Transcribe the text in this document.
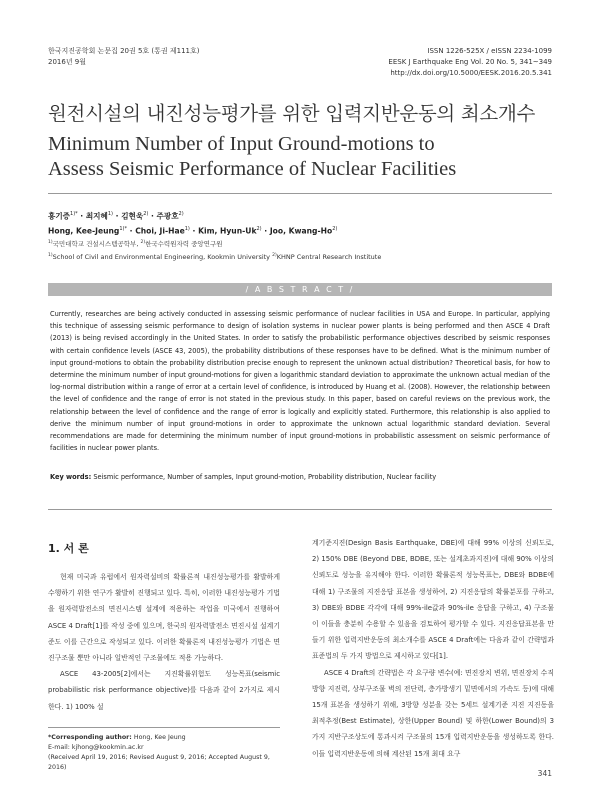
한국지진공학회 논문집 20권 5호 (통권 제111호)
2016년 9월
ISSN 1226-525X / eISSN 2234-1099
EESK J Earthquake Eng Vol. 20 No. 5, 341~349
http://dx.doi.org/10.5000/EESK.2016.20.5.341
원전시설의 내진성능평가를 위한 입력지반운동의 최소개수
Minimum Number of Input Ground-motions to Assess Seismic Performance of Nuclear Facilities
홍기증$^{1)*}$ · 최지혜$^{1)}$ · 김현욱$^{2)}$ · 주광호$^{2)}$
Hong, Kee-Jeung$^{1)*}$ · Choi, Ji-Hae$^{1)}$ · Kim, Hyun-$Uk^{2)}$ · Joo, Kwang-Ho$^{2)}$
$^{1)}$국민대학교 건설시스템공학부, $^{2)}$한국수력원자력 중앙연구원
$^{1)}$School of Civil and Environmental Engineering, Kookmin University $^{2)}$KHNP Central Research Institute
/ A B S T R A C T /
Currently, researches are being actively conducted in assessing seismic performance of nuclear facilities in USA and Europe. In particular, applying this technique of assessing seismic performance to design of isolation systems in nuclear power plants is being performed and then ASCE 4 Draft (2013) is being revised accordingly in the United States. In order to satisfy the probabilistic performance objectives described by seismic responses with certain confidence levels (ASCE 43, 2005), the probability distributions of these responses have to be defined. What is the minimum number of input ground-motions to obtain the probability distribution precise enough to represent the unknown actual distribution? Theoretical basis, for how to determine the minimum number of input ground-motions for given a logarithmic standard deviation to approximate the unknown actual median of the log-normal distribution within a range of error at a certain level of confidence, is introduced by Huang et al. (2008). However, the relationship between the level of confidence and the range of error is not stated in the previous study. In this paper, based on careful reviews on the previous work, the relationship between the level of confidence and the range of error is logically and explicitly stated. Furthermore, this relationship is also applied to derive the minimum number of input ground-motions in order to approximate the unknown actual logarithmic standard deviation. Several recommendations are made for determining the minimum number of input ground-motions in probabilistic assessment on seismic performance of facilities in nuclear power plants.
Key words: Seismic performance, Number of samples, Input ground-motion, Probability distribution, Nuclear facility
1. 서 론

현재 미국과 유럽에서 원자력설비의 확률론적 내진성능평가를 활발하게 수행하기 위한 연구가 활발히 진행되고 있다. 특히, 이러한 내진성능평가 기법을 원자력발전소의 면진시스템 설계에 적용하는 작업을 미국에서 진행하여 ASCE 4 Draft[1]를 작성 중에 있으며, 한국의 원자력발전소 면진시설 설계기준도 이를 근간으로 작성되고 있다. 이러한 확률론적 내진성능평가 기법은 면진구조물 뿐만 아니라 일반적인 구조물에도 적용 가능하다.

ASCE 43-2005[2]에서는 지진확률위험도 성능목표(seismic probabilistic risk performance objective)를 다음과 같이 2가지로 제시한다. 1) 100% 설

계기준지진(Design Basis Earthquake, DBE)에 대해 99% 이상의 신뢰도로, 2) 150% DBE (Beyond DBE, BDBE, 또는 설계초과지진)에 대해 90% 이상의 신뢰도로 성능을 유지해야 한다. 이러한 확률론적 성능목표는, DBE와 BDBE에 대해 1) 구조물의 지진응답 표본을 생성하여, 2) 지진응답의 확률분포를 구하고, 3) DBE와 BDBE 각각에 대해 99%-ile값과 90%-ile 응답을 구하고, 4) 구조물이 이들을 충분히 수용할 수 있음을 검토하여 평가할 수 있다. 지진응답표본을 만들기 위한 입력지반운동의 최소개수를 ASCE 4 Draft에는 다음과 같이 간략법과 표준법의 두 가지 방법으로 제시하고 있다[1].

ASCE 4 Draft의 간략법은 각 요구량 변수(예: 면진장치 변위, 면진장치 수직방향 지진력, 상부구조물 벽의 전단력, 층가방생기 밑면에서의 가속도 등)에 대해 15개 표본을 생성하기 위해, 3방향 성분을 갖는 5세트 설계기준 지진 지진동을 최적추정(Best Estimate), 상한(Upper Bound) 및 하한(Lower Bound)의 3가지 지반구조상도에 통과시켜 구조물의 15개 입력지반운동을 생성하도록 한다. 이들 입력지반운동에 의해 계산된 15개 최대 요구

*Corresponding author: Hong, Kee Jeung
E-mail: kjhong@kookmin.ac.kr
(Received April 19, 2016; Revised August 9, 2016; Accepted August 9, 2016)
341
